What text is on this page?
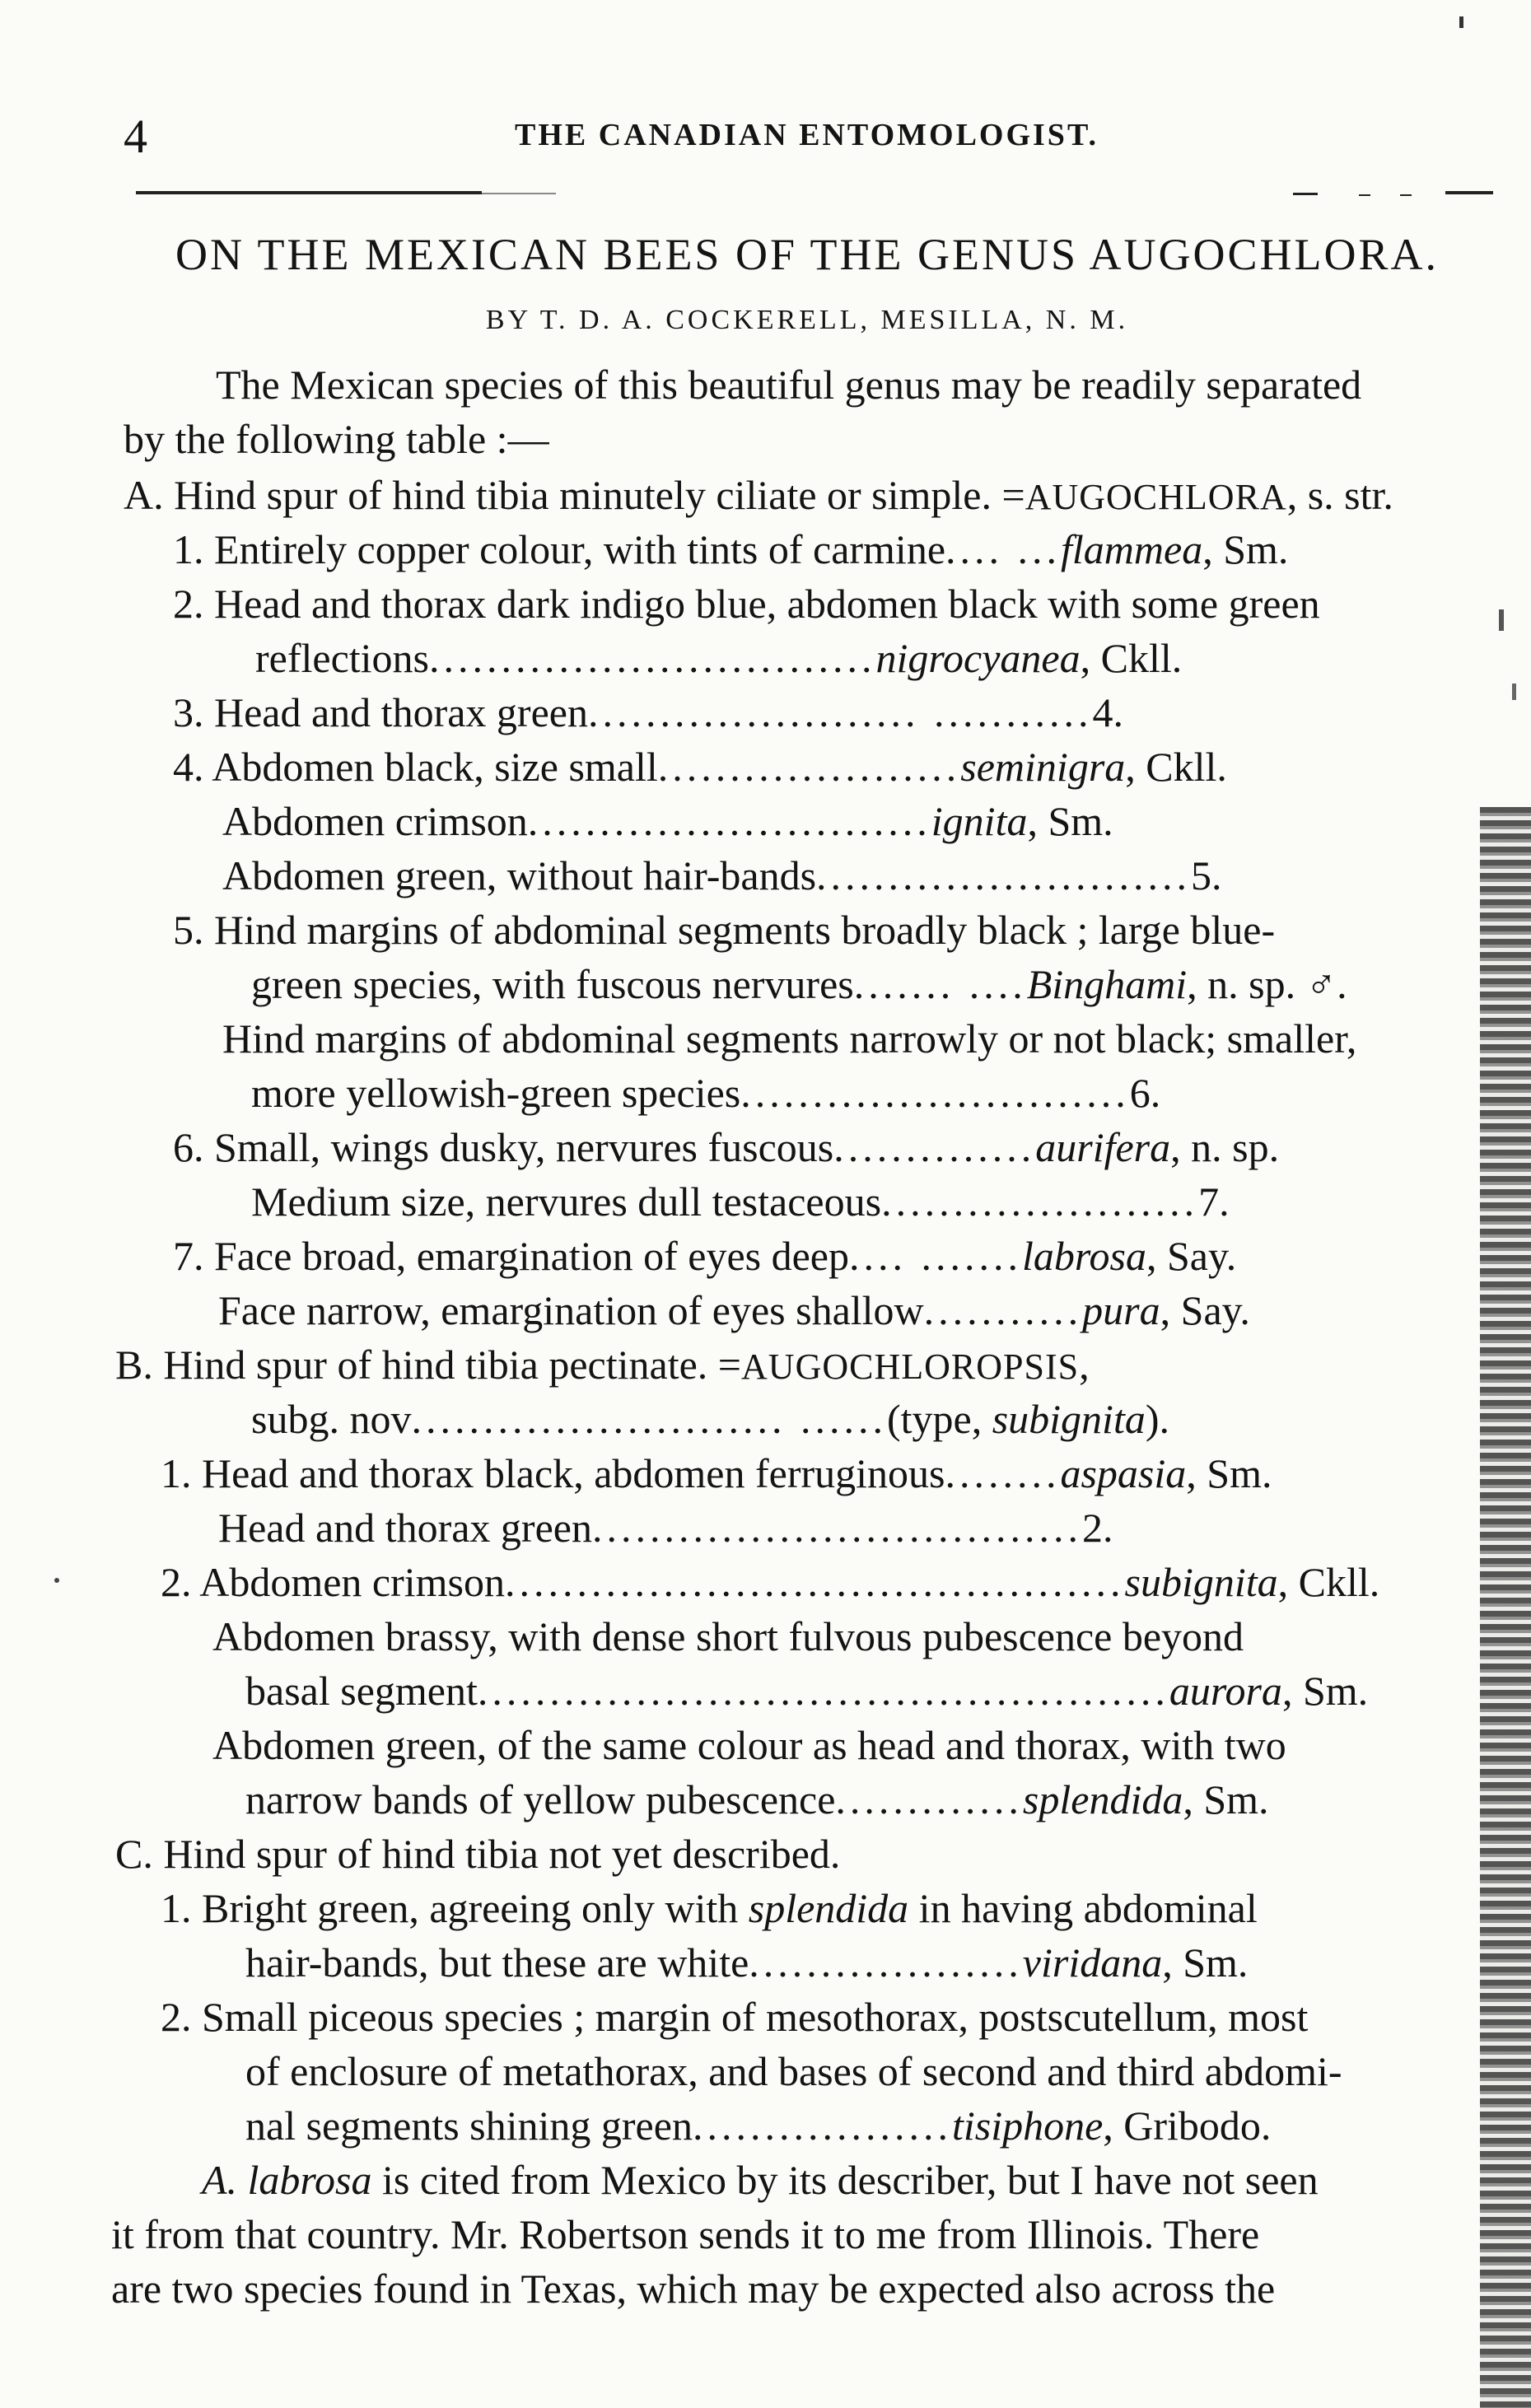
4	THE CANADIAN ENTOMOLOGIST.
ON THE MEXICAN BEES OF THE GENUS AUGOCHLORA.
BY T. D. A. COCKERELL, MESILLA, N. M.
The Mexican species of this beautiful genus may be readily separated
by the following table :—
A. Hind spur of hind tibia minutely ciliate or simple. =AUGOCHLORA, s. str.
1. Entirely copper colour, with tints of carmine.... ...flammea, Sm.
2. Head and thorax dark indigo blue, abdomen black with some green
reflections...............................nigrocyanea, Ckll.
3. Head and thorax green....................... ...........4.
4. Abdomen black, size small.....................seminigra, Ckll.
Abdomen crimson............................ignita, Sm.
Abdomen green, without hair-bands..........................5.
5. Hind margins of abdominal segments broadly black ; large blue-
green species, with fuscous nervures....... ....Binghami, n. sp. ♂.
Hind margins of abdominal segments narrowly or not black; smaller,
more yellowish-green species...........................6.
6. Small, wings dusky, nervures fuscous..............aurifera, n. sp.
Medium size, nervures dull testaceous......................7.
7. Face broad, emargination of eyes deep.... .......labrosa, Say.
Face narrow, emargination of eyes shallow...........pura, Say.
B. Hind spur of hind tibia pectinate. =AUGOCHLOROPSIS,
subg. nov.......................... ......(type, subignita).
1. Head and thorax black, abdomen ferruginous........aspasia, Sm.
Head and thorax green..................................2.
2. Abdomen crimson...........................................subignita, Ckll.
Abdomen brassy, with dense short fulvous pubescence beyond
basal segment................................................aurora, Sm.
Abdomen green, of the same colour as head and thorax, with two
narrow bands of yellow pubescence.............splendida, Sm.
C. Hind spur of hind tibia not yet described.
1. Bright green, agreeing only with splendida in having abdominal
hair-bands, but these are white...................viridana, Sm.
2. Small piceous species ; margin of mesothorax, postscutellum, most
of enclosure of metathorax, and bases of second and third abdomi-
nal segments shining green..................tisiphone, Gribodo.
A. labrosa is cited from Mexico by its describer, but I have not seen
it from that country. Mr. Robertson sends it to me from Illinois. There
are two species found in Texas, which may be expected also across the
